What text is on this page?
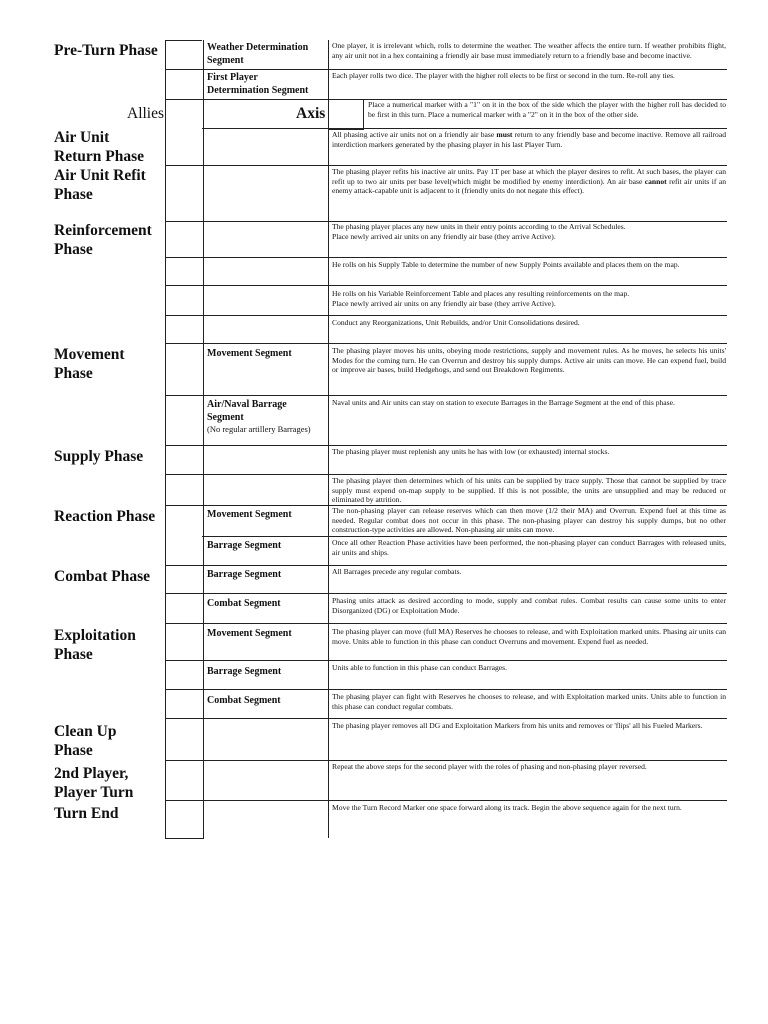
Pre-Turn Phase
Allies	Axis
Air Unit
Return Phase
Air Unit Refit
Phase
Reinforcement
Phase
Movement
Phase
Supply Phase
Reaction Phase
Combat Phase
Exploitation
Phase
Clean Up
Phase
2nd Player,
Player Turn
Turn End
Weather Determination
Segment
First Player
Determination Segment
Movement Segment
Air/Naval Barrage
Segment
(No regular artillery Barrages)
Movement Segment
Barrage Segment
Barrage Segment
Combat Segment
Movement Segment
Barrage Segment
Combat Segment
One player, it is irrelevant which, rolls to determine the weather. The weather affects the entire turn. If weather prohibits flight, any air unit not in a hex containing a friendly air base must immediately return to a friendly base and become inactive.
Each player rolls two dice. The player with the higher roll elects to be first or second in the turn. Re-roll any ties.
Place a numerical marker with a "1" on it in the box of the side which the player with the higher roll has decided to be first in this turn. Place a numerical marker with a "2" on it in the box of the other side.
All phasing active air units not on a friendly air base must return to any friendly base and become inactive. Remove all railroad interdiction markers generated by the phasing player in his last Player Turn.
The phasing player refits his inactive air units. Pay 1T per base at which the player desires to refit. At such bases, the player can refit up to two air units per base level(which might be modified by enemy interdiction). An air base cannot refit air units if an enemy attack-capable unit is adjacent to it (friendly units do not negate this effect).
The phasing player places any new units in their entry points according to the Arrival Schedules.
Place newly arrived air units on any friendly air base (they arrive Active).
He rolls on his Supply Table to determine the number of new Supply Points available and places them on the map.
He rolls on his Variable Reinforcement Table and places any resulting reinforcements on the map.
Place newly arrived air units on any friendly air base (they arrive Active).
Conduct any Reorganizations, Unit Rebuilds, and/or Unit Consolidations desired.
The phasing player moves his units, obeying mode restrictions, supply and movement rules. As he moves, he selects his units' Modes for the coming turn. He can Overrun and destroy his supply dumps. Active air units can move. He can expend fuel, build or improve air bases, build Hedgehogs, and send out Breakdown Regiments.
Naval units and Air units can stay on station to execute Barrages in the Barrage Segment at the end of this phase.
The phasing player must replenish any units he has with low (or exhausted) internal stocks.
The phasing player then determines which of his units can be supplied by trace supply. Those that cannot be supplied by trace supply must expend on-map supply to be supplied. If this is not possible, the units are unsupplied and may be reduced or eliminated by attrition.
The non-phasing player can release reserves which can then move (1/2 their MA) and Overrun. Expend fuel at this time as needed. Regular combat does not occur in this phase. The non-phasing player can destroy his supply dumps, but no other construction-type activities are allowed. Non-phasing air units can move.
Once all other Reaction Phase activities have been performed, the non-phasing player can conduct Barrages with released units, air units and ships.
All Barrages precede any regular combats.
Phasing units attack as desired according to mode, supply and combat rules. Combat results can cause some units to enter Disorganized (DG) or Exploitation Mode.
The phasing player can move (full MA) Reserves he chooses to release, and with Exploitation marked units. Phasing air units can move. Units able to function in this phase can conduct Overruns and movement. Expend fuel as needed.
Units able to function in this phase can conduct Barrages.
The phasing player can fight with Reserves he chooses to release, and with Exploitation marked units. Units able to function in this phase can conduct regular combats.
The phasing player removes all DG and Exploitation Markers from his units and removes or 'flips' all his Fueled Markers.
Repeat the above steps for the second player with the roles of phasing and non-phasing player reversed.
Move the Turn Record Marker one space forward along its track. Begin the above sequence again for the next turn.
